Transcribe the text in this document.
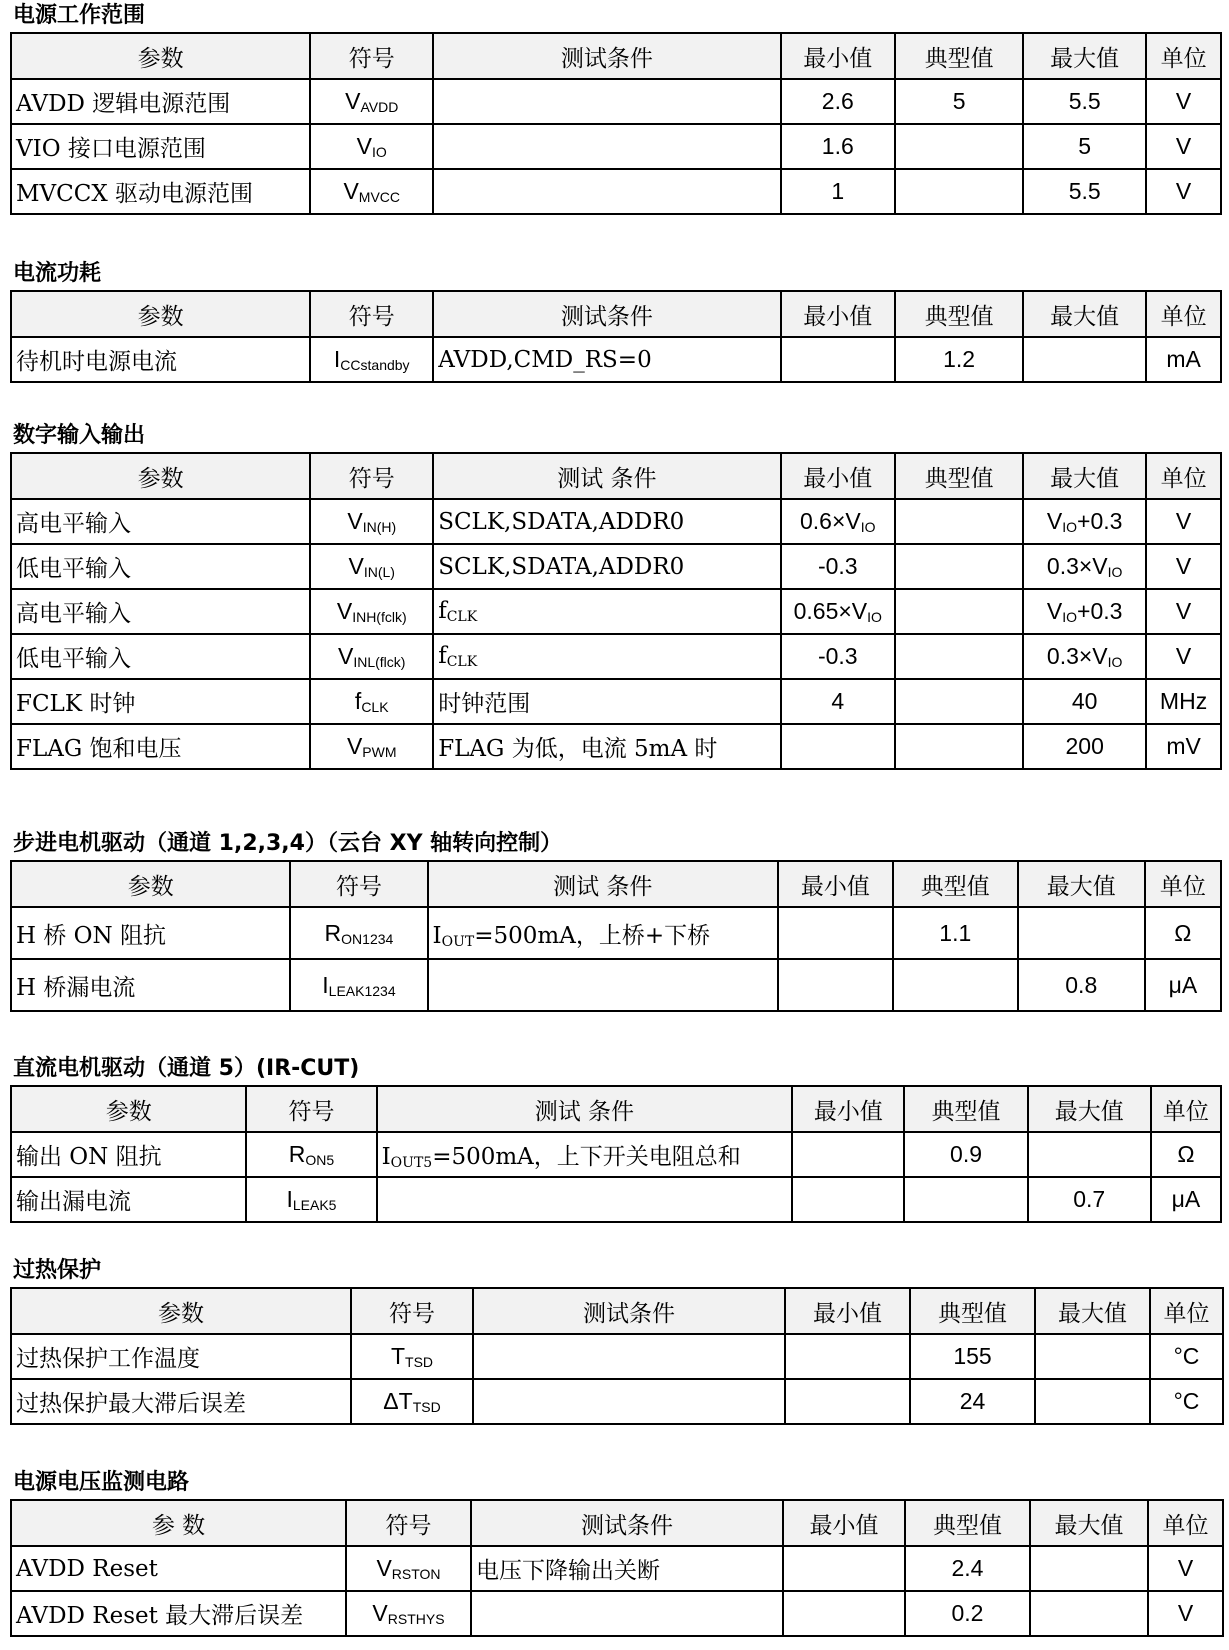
电源工作范围
参数	符号	测试条件	最小值	典型值	最大值	单位
AVDD 逻辑电源范围	$V_{AVDD}$		2.6	5	5.5	V
VIO 接口电源范围	$V_{IO}$		1.6		5	V
MVCCX 驱动电源范围	$V_{MVCC}$		1		5.5	V
电流功耗
参数	符号	测试条件	最小值	典型值	最大值	单位
待机时电源电流	$I_{CCstandby}$	AVDD,CMD_RS=0		1.2		mA
数字输入输出
参数	符号	测试 条件	最小值	典型值	最大值	单位
高电平输入	$V_{IN(H)}$	SCLK,SDATA,ADDR0	$0.6\times V_{IO}$		$V_{IO}+0.3$	V
低电平输入	$V_{IN(L)}$	SCLK,SDATA,ADDR0	-0.3		$0.3\times V_{IO}$	V
高电平输入	$V_{INH(fclk)}$	$f_{CLK}$	$0.65\times V_{IO}$		$V_{IO}+0.3$	V
低电平输入	$V_{INL(flck)}$	$f_{CLK}$	-0.3		$0.3\times V_{IO}$	V
FCLK 时钟	$f_{CLK}$	时钟范围	4		40	MHz
FLAG 饱和电压	$V_{PWM}$	FLAG 为低，电流 5mA 时			200	mV
步进电机驱动（通道 1,2,3,4）（云台 XY 轴转向控制）
参数	符号	测试 条件	最小值	典型值	最大值	单位
H 桥 ON 阻抗	$R_{ON1234}$	$I_{OUT}=500mA$，上桥+下桥		1.1		Ω
H 桥漏电流	$I_{LEAK1234}$				0.8	μA
直流电机驱动（通道 5）(IR-CUT)
参数	符号	测试 条件	最小值	典型值	最大值	单位
输出 ON 阻抗	$R_{ON5}$	$I_{OUT5}=500mA$，上下开关电阻总和		0.9		Ω
输出漏电流	$I_{LEAK5}$				0.7	μA
过热保护
参数	符号	测试条件	最小值	典型值	最大值	单位
过热保护工作温度	$T_{TSD}$			155		°C
过热保护最大滞后误差	$\Delta T_{TSD}$			24		°C
电源电压监测电路
参 数	符号	测试条件	最小值	典型值	最大值	单位
AVDD Reset	$V_{RSTON}$	电压下降输出关断		2.4		V
AVDD Reset 最大滞后误差	$V_{RSTHYS}$			0.2		V
